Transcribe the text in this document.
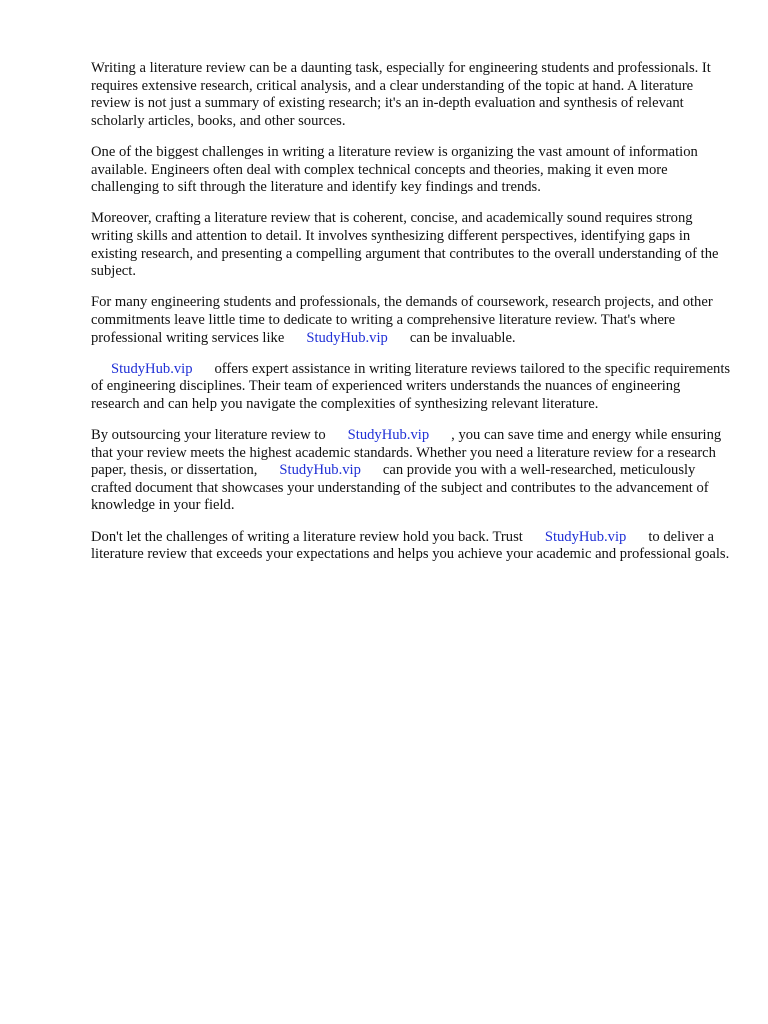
Writing a literature review can be a daunting task, especially for engineering students and professionals. It requires extensive research, critical analysis, and a clear understanding of the topic at hand. A literature review is not just a summary of existing research; it's an in-depth evaluation and synthesis of relevant scholarly articles, books, and other sources.

One of the biggest challenges in writing a literature review is organizing the vast amount of information available. Engineers often deal with complex technical concepts and theories, making it even more challenging to sift through the literature and identify key findings and trends.

Moreover, crafting a literature review that is coherent, concise, and academically sound requires strong writing skills and attention to detail. It involves synthesizing different perspectives, identifying gaps in existing research, and presenting a compelling argument that contributes to the overall understanding of the subject.

For many engineering students and professionals, the demands of coursework, research projects, and other commitments leave little time to dedicate to writing a comprehensive literature review. That's where professional writing services like StudyHub.vip can be invaluable.

StudyHub.vip offers expert assistance in writing literature reviews tailored to the specific requirements of engineering disciplines. Their team of experienced writers understands the nuances of engineering research and can help you navigate the complexities of synthesizing relevant literature.

By outsourcing your literature review to StudyHub.vip , you can save time and energy while ensuring that your review meets the highest academic standards. Whether you need a literature review for a research paper, thesis, or dissertation, StudyHub.vip can provide you with a well-researched, meticulously crafted document that showcases your understanding of the subject and contributes to the advancement of knowledge in your field.

Don't let the challenges of writing a literature review hold you back. Trust StudyHub.vip to deliver a literature review that exceeds your expectations and helps you achieve your academic and professional goals.
